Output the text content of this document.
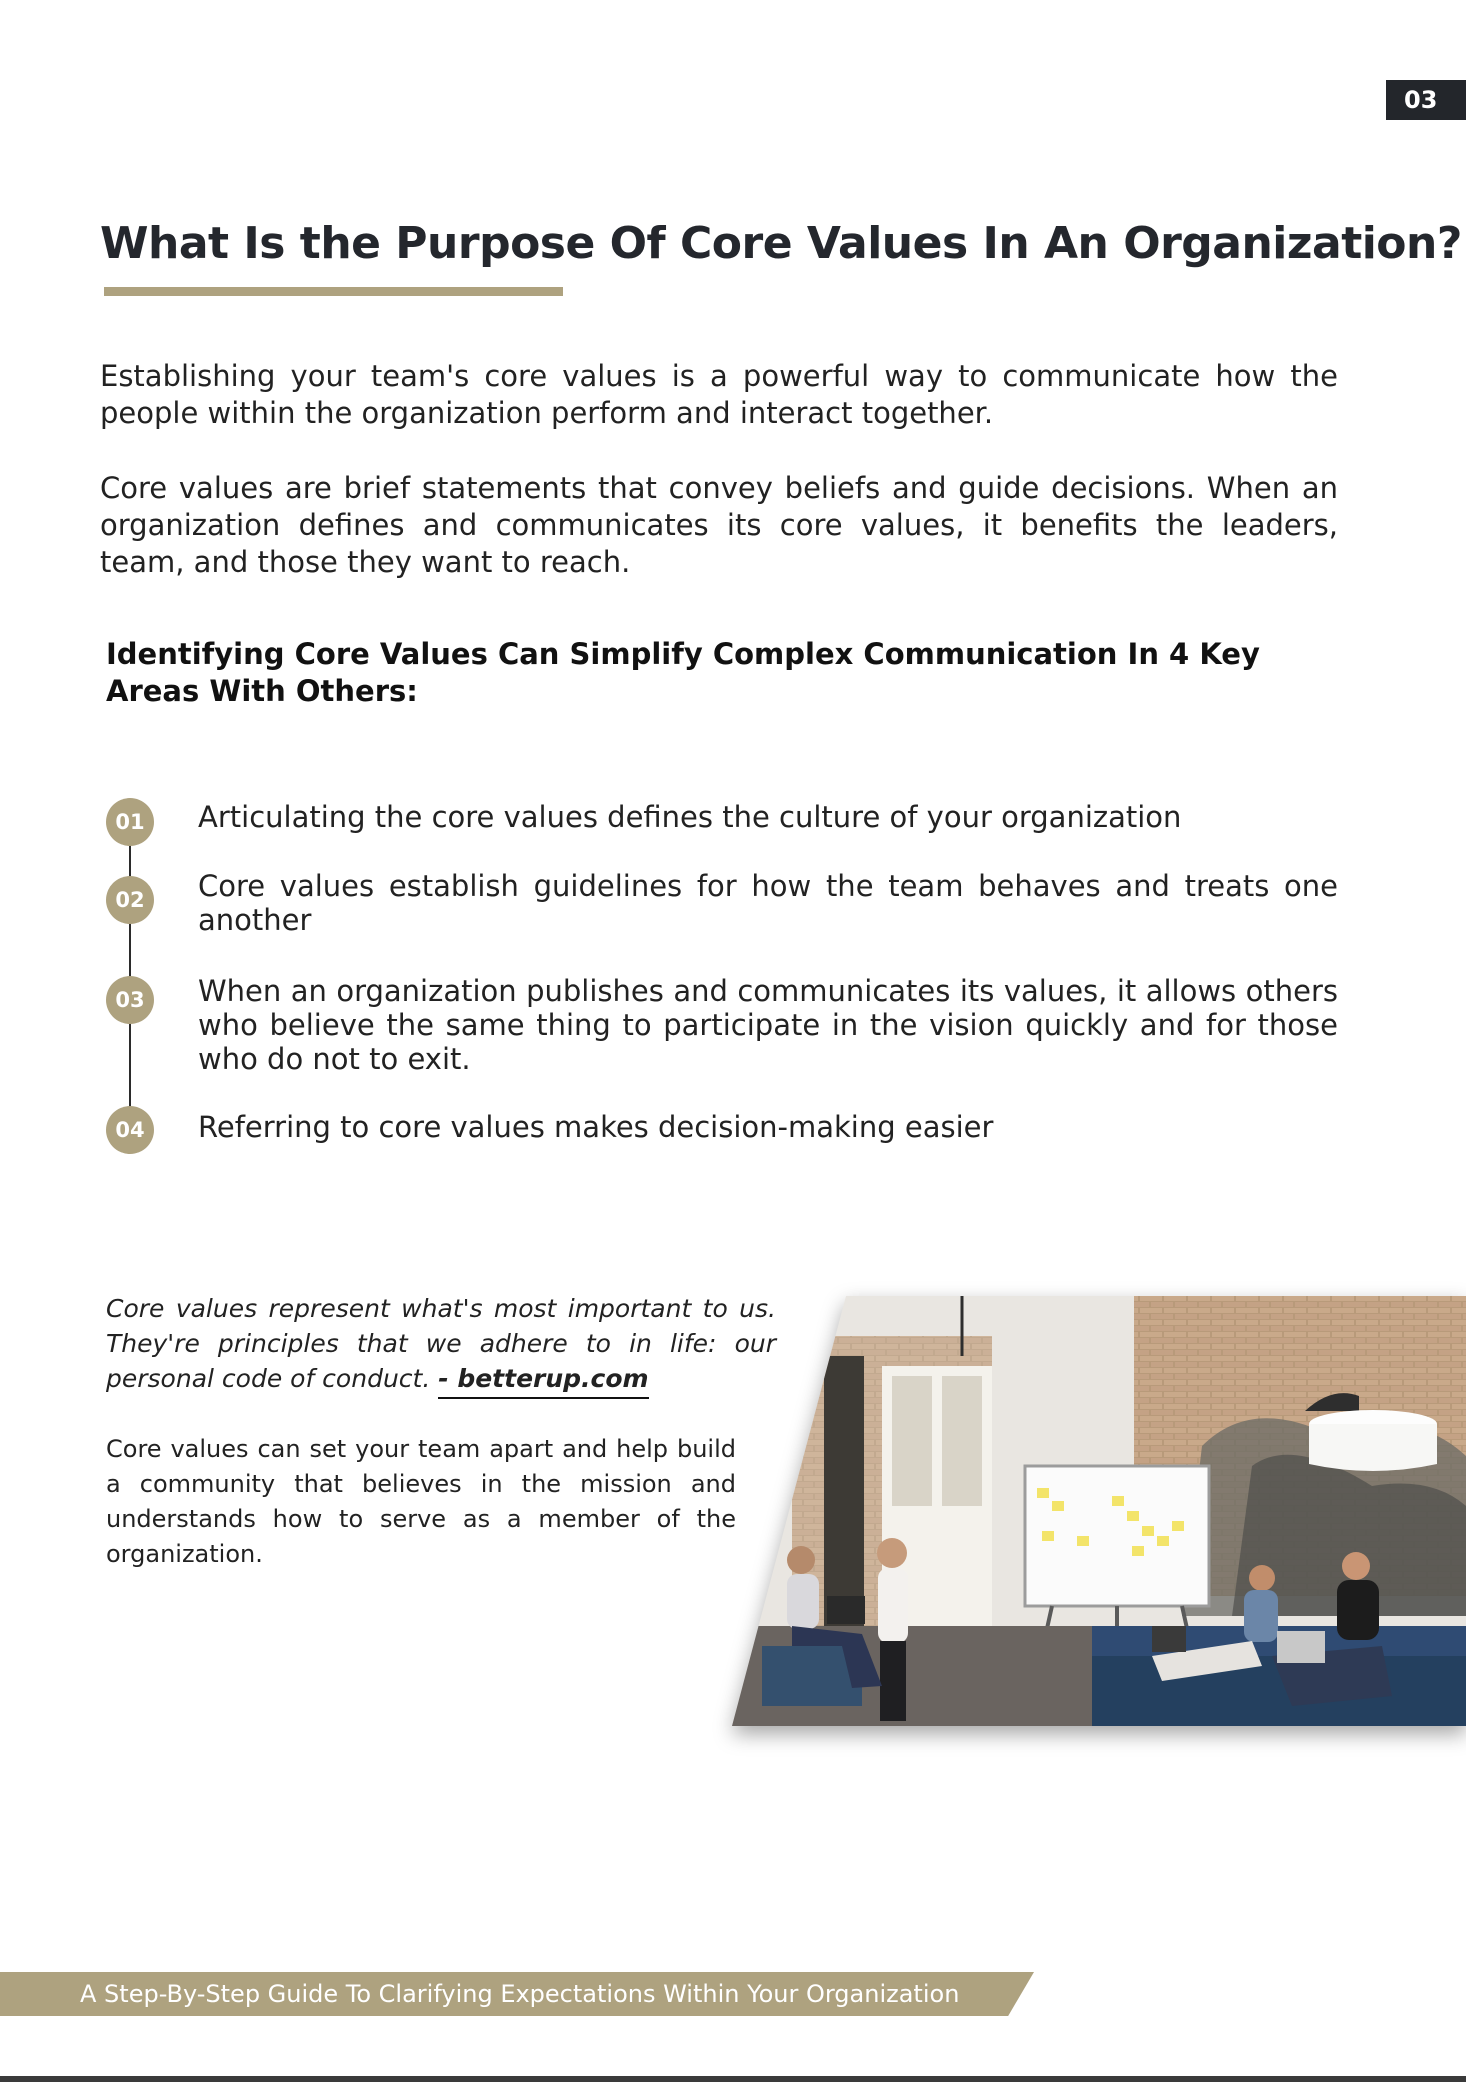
03
What Is the Purpose Of Core Values In An Organization?

Establishing your team's core values is a powerful way to communicate how the people within the organization perform and interact together.

Core values are brief statements that convey beliefs and guide decisions. When an organization defines and communicates its core values, it benefits the leaders, team, and those they want to reach.

Identifying Core Values Can Simplify Complex Communication In 4 Key Areas With Others:
01	Articulating the core values defines the culture of your organization

02	Core values establish guidelines for how the team behaves and treats one another

03	When an organization publishes and communicates its values, it allows others who believe the same thing to participate in the vision quickly and for those who do not to exit.

04	Referring to core values makes decision-making easier

Core values represent what's most important to us. They're principles that we adhere to in life: our personal code of conduct. - betterup.com

Core values can set your team apart and help build a community that believes in the mission and understands how to serve as a member of the organization.

A Step-By-Step Guide To Clarifying Expectations Within Your Organization
